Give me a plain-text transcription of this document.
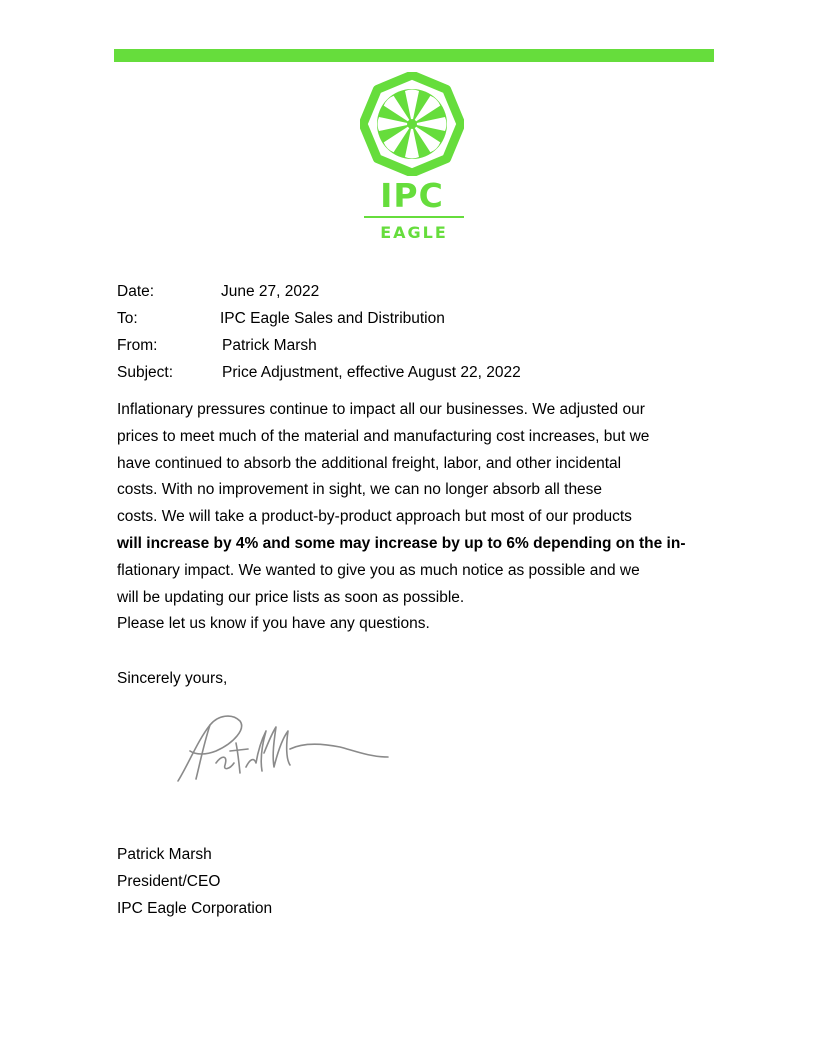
IPC
EAGLE
Date:	June 27, 2022
To:	IPC Eagle Sales and Distribution
From:	Patrick Marsh
Subject:	Price Adjustment, effective August 22, 2022
Inflationary pressures continue to impact all our businesses. We adjusted our
prices to meet much of the material and manufacturing cost increases, but we
have continued to absorb the additional freight, labor, and other incidental
costs. With no improvement in sight, we can no longer absorb all these
costs. We will take a product-by-product approach but most of our products
will increase by 4% and some may increase by up to 6% depending on the in-
flationary impact. We wanted to give you as much notice as possible and we
will be updating our price lists as soon as possible.
Please let us know if you have any questions.
Sincerely yours,
Patrick Marsh
President/CEO
IPC Eagle Corporation
